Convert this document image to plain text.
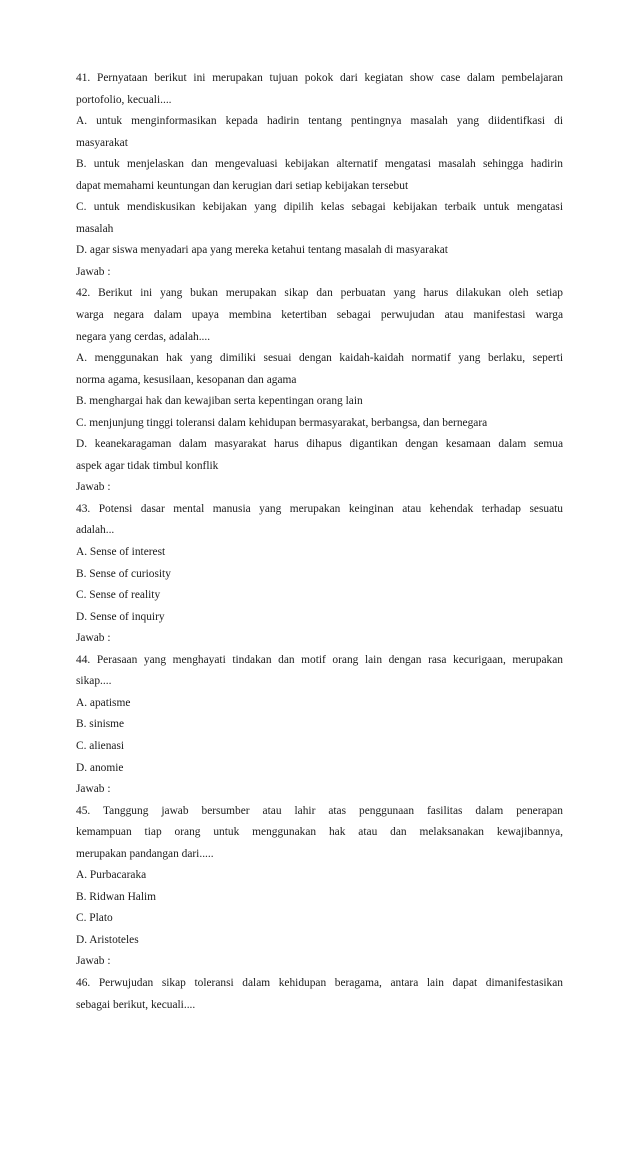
41. Pernyataan berikut ini merupakan tujuan pokok dari kegiatan show case dalam pembelajaran
portofolio, kecuali....
A. untuk menginformasikan kepada hadirin tentang pentingnya masalah yang diidentifkasi di
masyarakat
B. untuk menjelaskan dan mengevaluasi kebijakan alternatif mengatasi masalah sehingga hadirin
dapat memahami keuntungan dan kerugian dari setiap kebijakan tersebut
C. untuk mendiskusikan kebijakan yang dipilih kelas sebagai kebijakan terbaik untuk mengatasi
masalah
D. agar siswa menyadari apa yang mereka ketahui tentang masalah di masyarakat
Jawab :
42. Berikut ini yang bukan merupakan sikap dan perbuatan yang harus dilakukan oleh setiap
warga negara dalam upaya membina ketertiban sebagai perwujudan atau manifestasi warga
negara yang cerdas, adalah....
A. menggunakan hak yang dimiliki sesuai dengan kaidah-kaidah normatif yang berlaku, seperti
norma agama, kesusilaan, kesopanan dan agama
B. menghargai hak dan kewajiban serta kepentingan orang lain
C. menjunjung tinggi toleransi dalam kehidupan bermasyarakat, berbangsa, dan bernegara
D. keanekaragaman dalam masyarakat harus dihapus digantikan dengan kesamaan dalam semua
aspek agar tidak timbul konflik
Jawab :
43. Potensi dasar mental manusia yang merupakan keinginan atau kehendak terhadap sesuatu
adalah...
A. Sense of interest
B. Sense of curiosity
C. Sense of reality
D. Sense of inquiry
Jawab :
44. Perasaan yang menghayati tindakan dan motif orang lain dengan rasa kecurigaan, merupakan
sikap....
A. apatisme
B. sinisme
C. alienasi
D. anomie
Jawab :
45. Tanggung jawab bersumber atau lahir atas penggunaan fasilitas dalam penerapan
kemampuan tiap orang untuk menggunakan hak atau dan melaksanakan kewajibannya,
merupakan pandangan dari.....
A. Purbacaraka
B. Ridwan Halim
C. Plato
D. Aristoteles
Jawab :
46. Perwujudan sikap toleransi dalam kehidupan beragama, antara lain dapat dimanifestasikan
sebagai berikut, kecuali....
